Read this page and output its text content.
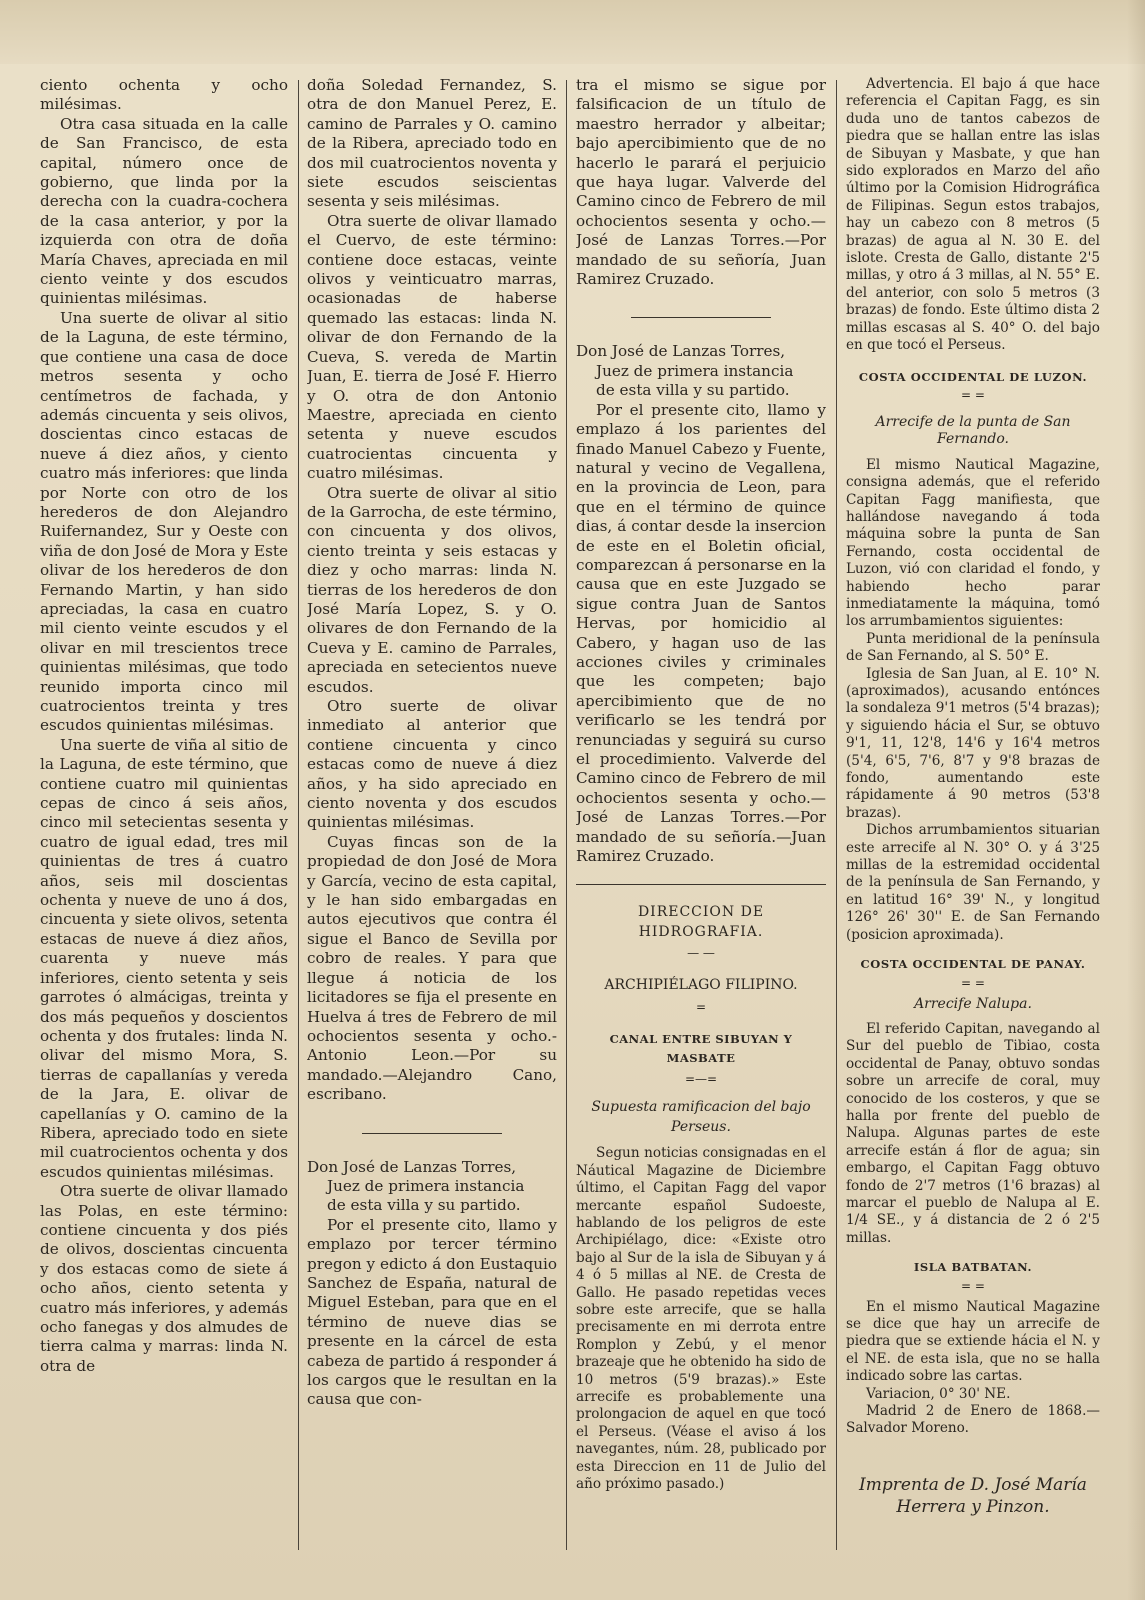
ciento ochenta y ocho milésimas.

Otra casa situada en la calle de San Francisco, de esta capital, número once de gobierno, que linda por la derecha con la cuadra-cochera de la casa anterior, y por la izquierda con otra de doña María Chaves, apreciada en mil ciento veinte y dos escudos quinientas milésimas.

Una suerte de olivar al sitio de la Laguna, de este término, que contiene una casa de doce metros sesenta y ocho centímetros de fachada, y además cincuenta y seis olivos, doscientas cinco estacas de nueve á diez años, y ciento cuatro más inferiores: que linda por Norte con otro de los herederos de don Alejandro Ruifernandez, Sur y Oeste con viña de don José de Mora y Este olivar de los herederos de don Fernando Martin, y han sido apreciadas, la casa en cuatro mil ciento veinte escudos y el olivar en mil trescientos trece quinientas milésimas, que todo reunido importa cinco mil cuatrocientos treinta y tres escudos quinientas milésimas.

Una suerte de viña al sitio de la Laguna, de este término, que contiene cuatro mil quinientas cepas de cinco á seis años, cinco mil setecientas sesenta y cuatro de igual edad, tres mil quinientas de tres á cuatro años, seis mil doscientas ochenta y nueve de uno á dos, cincuenta y siete olivos, setenta estacas de nueve á diez años, cuarenta y nueve más inferiores, ciento setenta y seis garrotes ó almácigas, treinta y dos más pequeños y doscientos ochenta y dos frutales: linda N. olivar del mismo Mora, S. tierras de capallanías y vereda de la Jara, E. olivar de capellanías y O. camino de la Ribera, apreciado todo en siete mil cuatrocientos ochenta y dos escudos quinientas milésimas.

Otra suerte de olivar llamado las Polas, en este término: contiene cincuenta y dos piés de olivos, doscientas cincuenta y dos estacas como de siete á ocho años, ciento setenta y cuatro más inferiores, y además ocho fanegas y dos almudes de tierra calma y marras: linda N. otra de

doña Soledad Fernandez, S. otra de don Manuel Perez, E. camino de Parrales y O. camino de la Ribera, apreciado todo en dos mil cuatrocientos noventa y siete escudos seiscientas sesenta y seis milésimas.

Otra suerte de olivar llamado el Cuervo, de este término: contiene doce estacas, veinte olivos y veinticuatro marras, ocasionadas de haberse quemado las estacas: linda N. olivar de don Fernando de la Cueva, S. vereda de Martin Juan, E. tierra de José F. Hierro y O. otra de don Antonio Maestre, apreciada en ciento setenta y nueve escudos cuatrocientas cincuenta y cuatro milésimas.

Otra suerte de olivar al sitio de la Garrocha, de este término, con cincuenta y dos olivos, ciento treinta y seis estacas y diez y ocho marras: linda N. tierras de los herederos de don José María Lopez, S. y O. olivares de don Fernando de la Cueva y E. camino de Parrales, apreciada en setecientos nueve escudos.

Otro suerte de olivar inmediato al anterior que contiene cincuenta y cinco estacas como de nueve á diez años, y ha sido apreciado en ciento noventa y dos escudos quinientas milésimas.

Cuyas fincas son de la propiedad de don José de Mora y García, vecino de esta capital, y le han sido embargadas en autos ejecutivos que contra él sigue el Banco de Sevilla por cobro de reales. Y para que llegue á noticia de los licitadores se fija el presente en Huelva á tres de Febrero de mil ochocientos sesenta y ocho.-Antonio Leon.—Por su mandado.—Alejandro Cano, escribano.

Don José de Lanzas Torres,

Juez de primera instancia

de esta villa y su partido.

Por el presente cito, llamo y emplazo por tercer término pregon y edicto á don Eustaquio Sanchez de España, natural de Miguel Esteban, para que en el término de nueve dias se presente en la cárcel de esta cabeza de partido á responder á los cargos que le resultan en la causa que con-

tra el mismo se sigue por falsificacion de un título de maestro herrador y albeitar; bajo apercibimiento que de no hacerlo le parará el perjuicio que haya lugar. Valverde del Camino cinco de Febrero de mil ochocientos sesenta y ocho.—José de Lanzas Torres.—Por mandado de su señoría, Juan Ramirez Cruzado.

Don José de Lanzas Torres,

Juez de primera instancia

de esta villa y su partido.

Por el presente cito, llamo y emplazo á los parientes del finado Manuel Cabezo y Fuente, natural y vecino de Vegallena, en la provincia de Leon, para que en el término de quince dias, á contar desde la insercion de este en el Boletin oficial, comparezcan á personarse en la causa que en este Juzgado se sigue contra Juan de Santos Hervas, por homicidio al Cabero, y hagan uso de las acciones civiles y criminales que les competen; bajo apercibimiento que de no verificarlo se les tendrá por renunciadas y seguirá su curso el procedimiento. Valverde del Camino cinco de Febrero de mil ochocientos sesenta y ocho.—José de Lanzas Torres.—Por mandado de su señoría.—Juan Ramirez Cruzado.

DIRECCION DE HIDROGRAFIA.
— —
ARCHIPIÉLAGO FILIPINO.
=
CANAL ENTRE SIBUYAN Y MASBATE
=—=
Supuesta ramificacion del bajo Perseus.

Segun noticias consignadas en el Náutical Magazine de Diciembre último, el Capitan Fagg del vapor mercante español Sudoeste, hablando de los peligros de este Archipiélago, dice: «Existe otro bajo al Sur de la isla de Sibuyan y á 4 ó 5 millas al NE. de Cresta de Gallo. He pasado repetidas veces sobre este arrecife, que se halla precisamente en mi derrota entre Romplon y Zebú, y el menor brazeaje que he obtenido ha sido de 10 metros (5'9 brazas).» Este arrecife es probablemente una prolongacion de aquel en que tocó el Perseus. (Véase el aviso á los navegantes, núm. 28, publicado por esta Direccion en 11 de Julio del año próximo pasado.)

Advertencia. El bajo á que hace referencia el Capitan Fagg, es sin duda uno de tantos cabezos de piedra que se hallan entre las islas de Sibuyan y Masbate, y que han sido explorados en Marzo del año último por la Comision Hidrográfica de Filipinas. Segun estos trabajos, hay un cabezo con 8 metros (5 brazas) de agua al N. 30 E. del islote. Cresta de Gallo, distante 2'5 millas, y otro á 3 millas, al N. 55° E. del anterior, con solo 5 metros (3 brazas) de fondo. Este último dista 2 millas escasas al S. 40° O. del bajo en que tocó el Perseus.

COSTA OCCIDENTAL DE LUZON.
= =
Arrecife de la punta de San Fernando.

El mismo Nautical Magazine, consigna además, que el referido Capitan Fagg manifiesta, que hallándose navegando á toda máquina sobre la punta de San Fernando, costa occidental de Luzon, vió con claridad el fondo, y habiendo hecho parar inmediatamente la máquina, tomó los arrumbamientos siguientes:

Punta meridional de la península de San Fernando, al S. 50° E.

Iglesia de San Juan, al E. 10° N. (aproximados), acusando entónces la sondaleza 9'1 metros (5'4 brazas); y siguiendo hácia el Sur, se obtuvo 9'1, 11, 12'8, 14'6 y 16'4 metros (5'4, 6'5, 7'6, 8'7 y 9'8 brazas de fondo, aumentando este rápidamente á 90 metros (53'8 brazas).

Dichos arrumbamientos situarian este arrecife al N. 30° O. y á 3'25 millas de la estremidad occidental de la península de San Fernando, y en latitud 16° 39' N., y longitud 126° 26' 30'' E. de San Fernando (posicion aproximada).

COSTA OCCIDENTAL DE PANAY.
= =
Arrecife Nalupa.

El referido Capitan, navegando al Sur del pueblo de Tibiao, costa occidental de Panay, obtuvo sondas sobre un arrecife de coral, muy conocido de los costeros, y que se halla por frente del pueblo de Nalupa. Algunas partes de este arrecife están á flor de agua; sin embargo, el Capitan Fagg obtuvo fondo de 2'7 metros (1'6 brazas) al marcar el pueblo de Nalupa al E. 1/4 SE., y á distancia de 2 ó 2'5 millas.

ISLA BATBATAN.
= =

En el mismo Nautical Magazine se dice que hay un arrecife de piedra que se extiende hácia el N. y el NE. de esta isla, que no se halla indicado sobre las cartas.

Variacion, 0° 30' NE.

Madrid 2 de Enero de 1868.— Salvador Moreno.

Imprenta de D. José María
Herrera y Pinzon.
